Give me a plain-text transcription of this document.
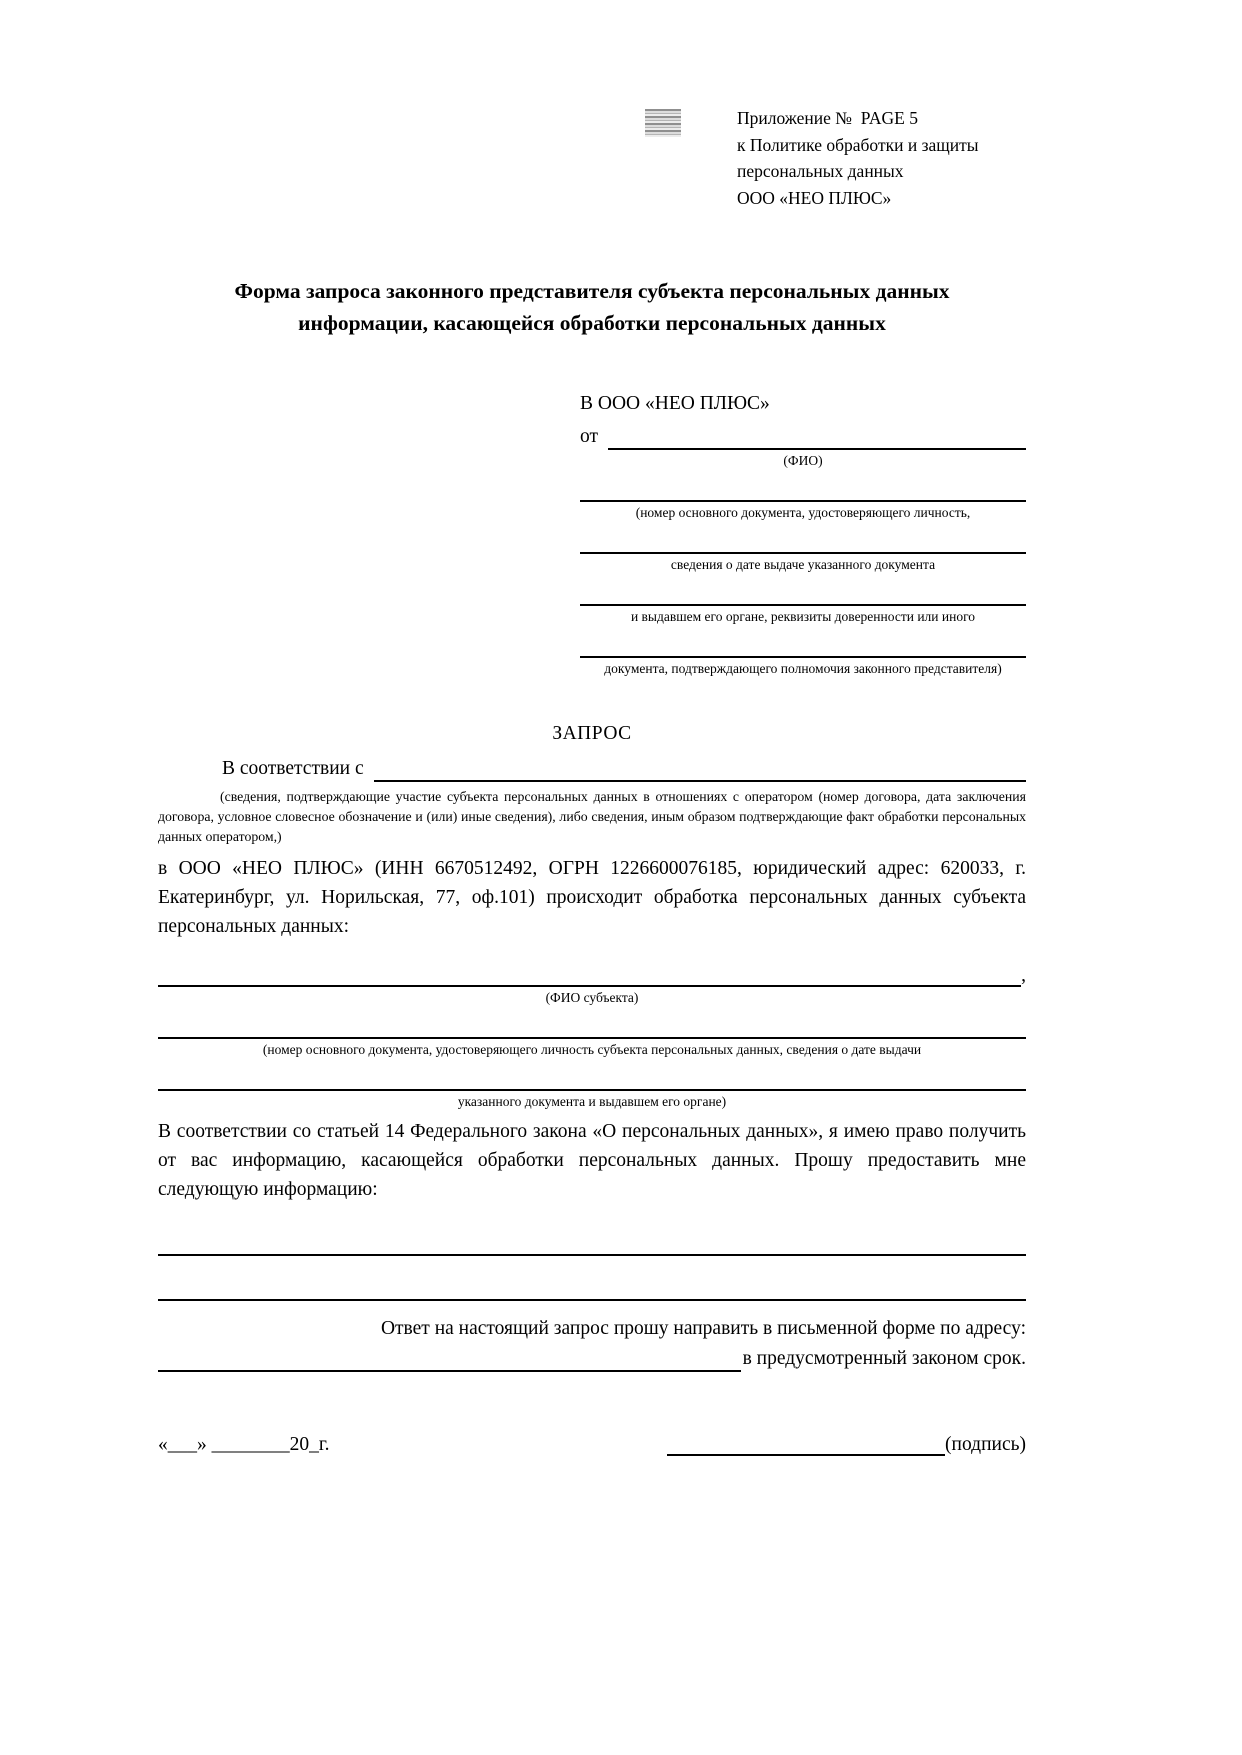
Приложение №  PAGE 5
к Политике обработки и защиты
персональных данных
ООО «НЕО ПЛЮС»
Форма запроса законного представителя субъекта персональных данных
информации, касающейся обработки персональных данных
В ООО «НЕО ПЛЮС»
от
(ФИО)
(номер основного документа, удостоверяющего личность,
сведения о дате выдаче указанного документа
и выдавшем его органе, реквизиты доверенности или иного
документа, подтверждающего полномочия законного представителя)
ЗАПРОС
В соответствии с

(сведения, подтверждающие участие субъекта персональных данных в отношениях с оператором (номер договора, дата заключения договора, условное словесное обозначение и (или) иные сведения), либо сведения, иным образом подтверждающие факт обработки персональных данных оператором,)

в ООО «НЕО ПЛЮС» (ИНН 6670512492, ОГРН 1226600076185, юридический адрес: 620033, г. Екатеринбург, ул. Норильская, 77, оф.101) происходит обработка персональных данных субъекта персональных данных:

,
(ФИО субъекта)
(номер основного документа, удостоверяющего личность субъекта персональных данных, сведения о дате выдачи
указанного документа и выдавшем его органе)

В соответствии со статьей 14 Федерального закона «О персональных данных», я имею право получить от вас информацию, касающейся обработки персональных данных. Прошу предоставить мне следующую информацию:

Ответ на настоящий запрос прошу направить в письменной форме по адресу:
в предусмотренный законом срок.
«___» ________20_г.	(подпись)
